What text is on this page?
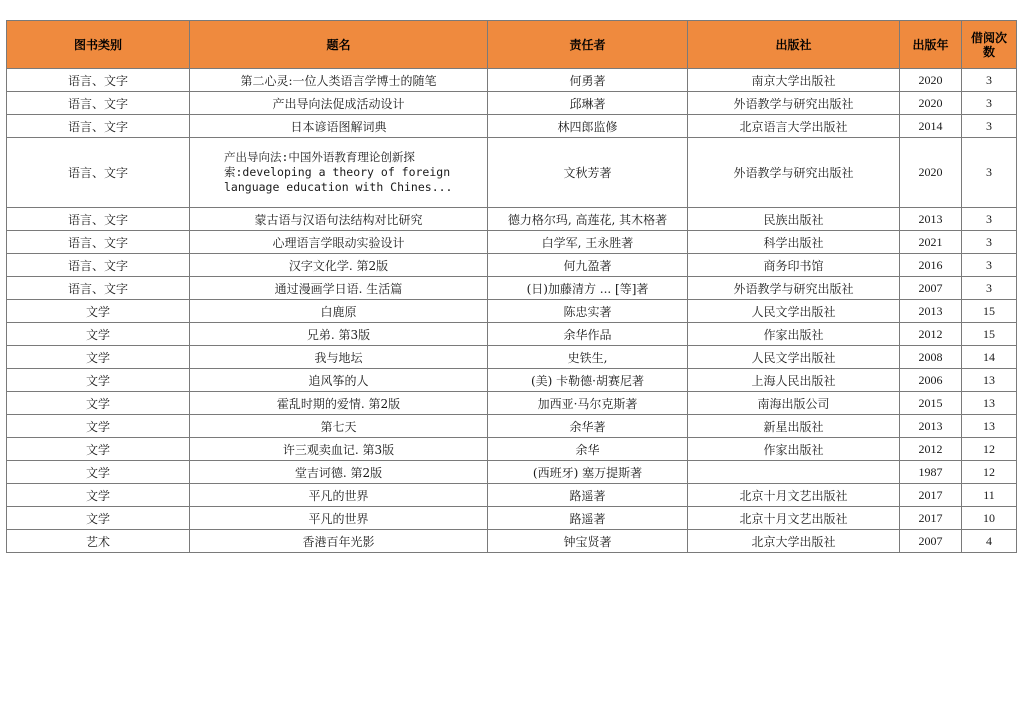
图书类别	题名	责任者	出版社	出版年	借阅次数
语言、文字	第二心灵:一位人类语言学博士的随笔	何勇著	南京大学出版社	2020	3
语言、文字	产出导向法促成活动设计	邱琳著	外语教学与研究出版社	2020	3
语言、文字	日本谚语图解词典	林四郎监修	北京语言大学出版社	2014	3
语言、文字	产出导向法:中国外语教育理论创新探索:developing a theory of foreign language education with Chines...	文秋芳著	外语教学与研究出版社	2020	3
语言、文字	蒙古语与汉语句法结构对比研究	德力格尔玛, 高莲花, 其木格著	民族出版社	2013	3
语言、文字	心理语言学眼动实验设计	白学军, 王永胜著	科学出版社	2021	3
语言、文字	汉字文化学. 第2版	何九盈著	商务印书馆	2016	3
语言、文字	通过漫画学日语. 生活篇	(日)加藤清方 ... [等]著	外语教学与研究出版社	2007	3
文学	白鹿原	陈忠实著	人民文学出版社	2013	15
文学	兄弟. 第3版	余华作品	作家出版社	2012	15
文学	我与地坛	史铁生,	人民文学出版社	2008	14
文学	追风筝的人	(美) 卡勒德·胡赛尼著	上海人民出版社	2006	13
文学	霍乱时期的爱情. 第2版	加西亚·马尔克斯著	南海出版公司	2015	13
文学	第七天	余华著	新星出版社	2013	13
文学	许三观卖血记. 第3版	余华	作家出版社	2012	12
文学	堂吉诃德. 第2版	(西班牙) 塞万提斯著		1987	12
文学	平凡的世界	路遥著	北京十月文艺出版社	2017	11
文学	平凡的世界	路遥著	北京十月文艺出版社	2017	10
艺术	香港百年光影	钟宝贤著	北京大学出版社	2007	4
